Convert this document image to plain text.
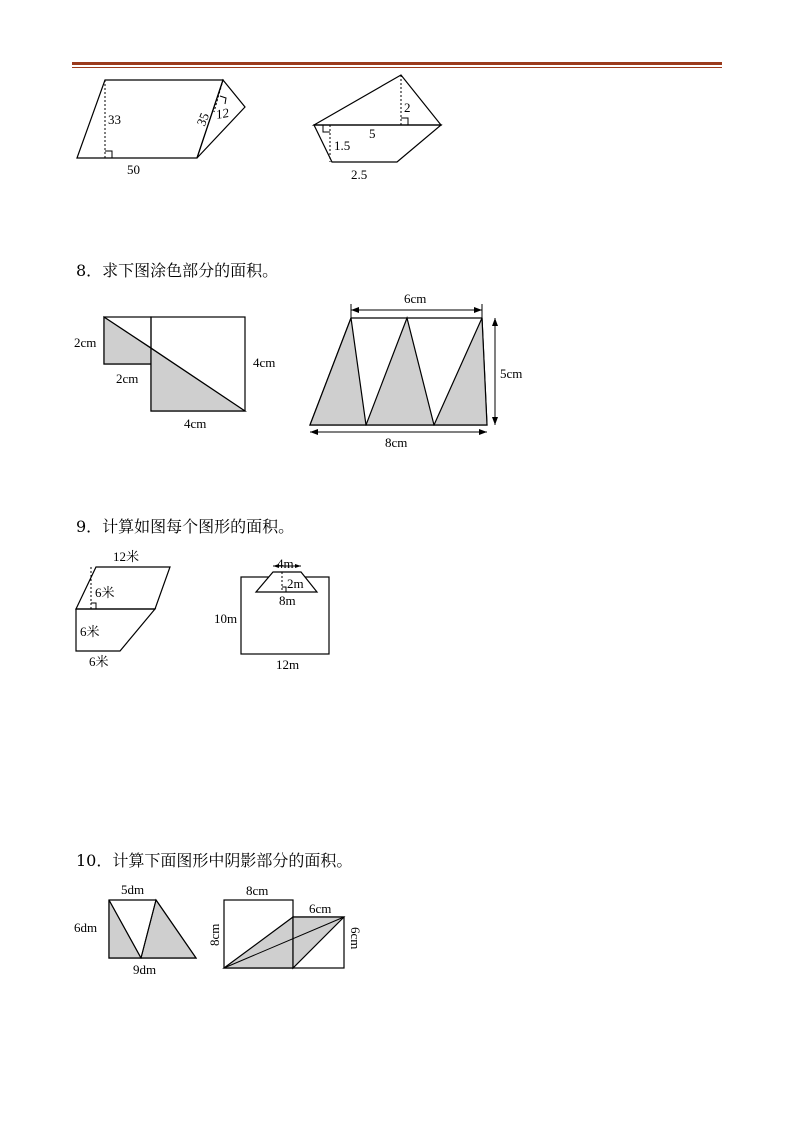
33
50
35 12	2
5
1.5
2.5
2cm
2cm
4cm
4cm
6cm
5cm
8cm
12米
6米
6米
6米
4m
2m
8m
10m
12m
5dm
6dm
9dm
8cm
8cm
6cm
6cm
8．求下图涂色部分的面积。
9．计算如图每个图形的面积。
10．计算下面图形中阴影部分的面积。
